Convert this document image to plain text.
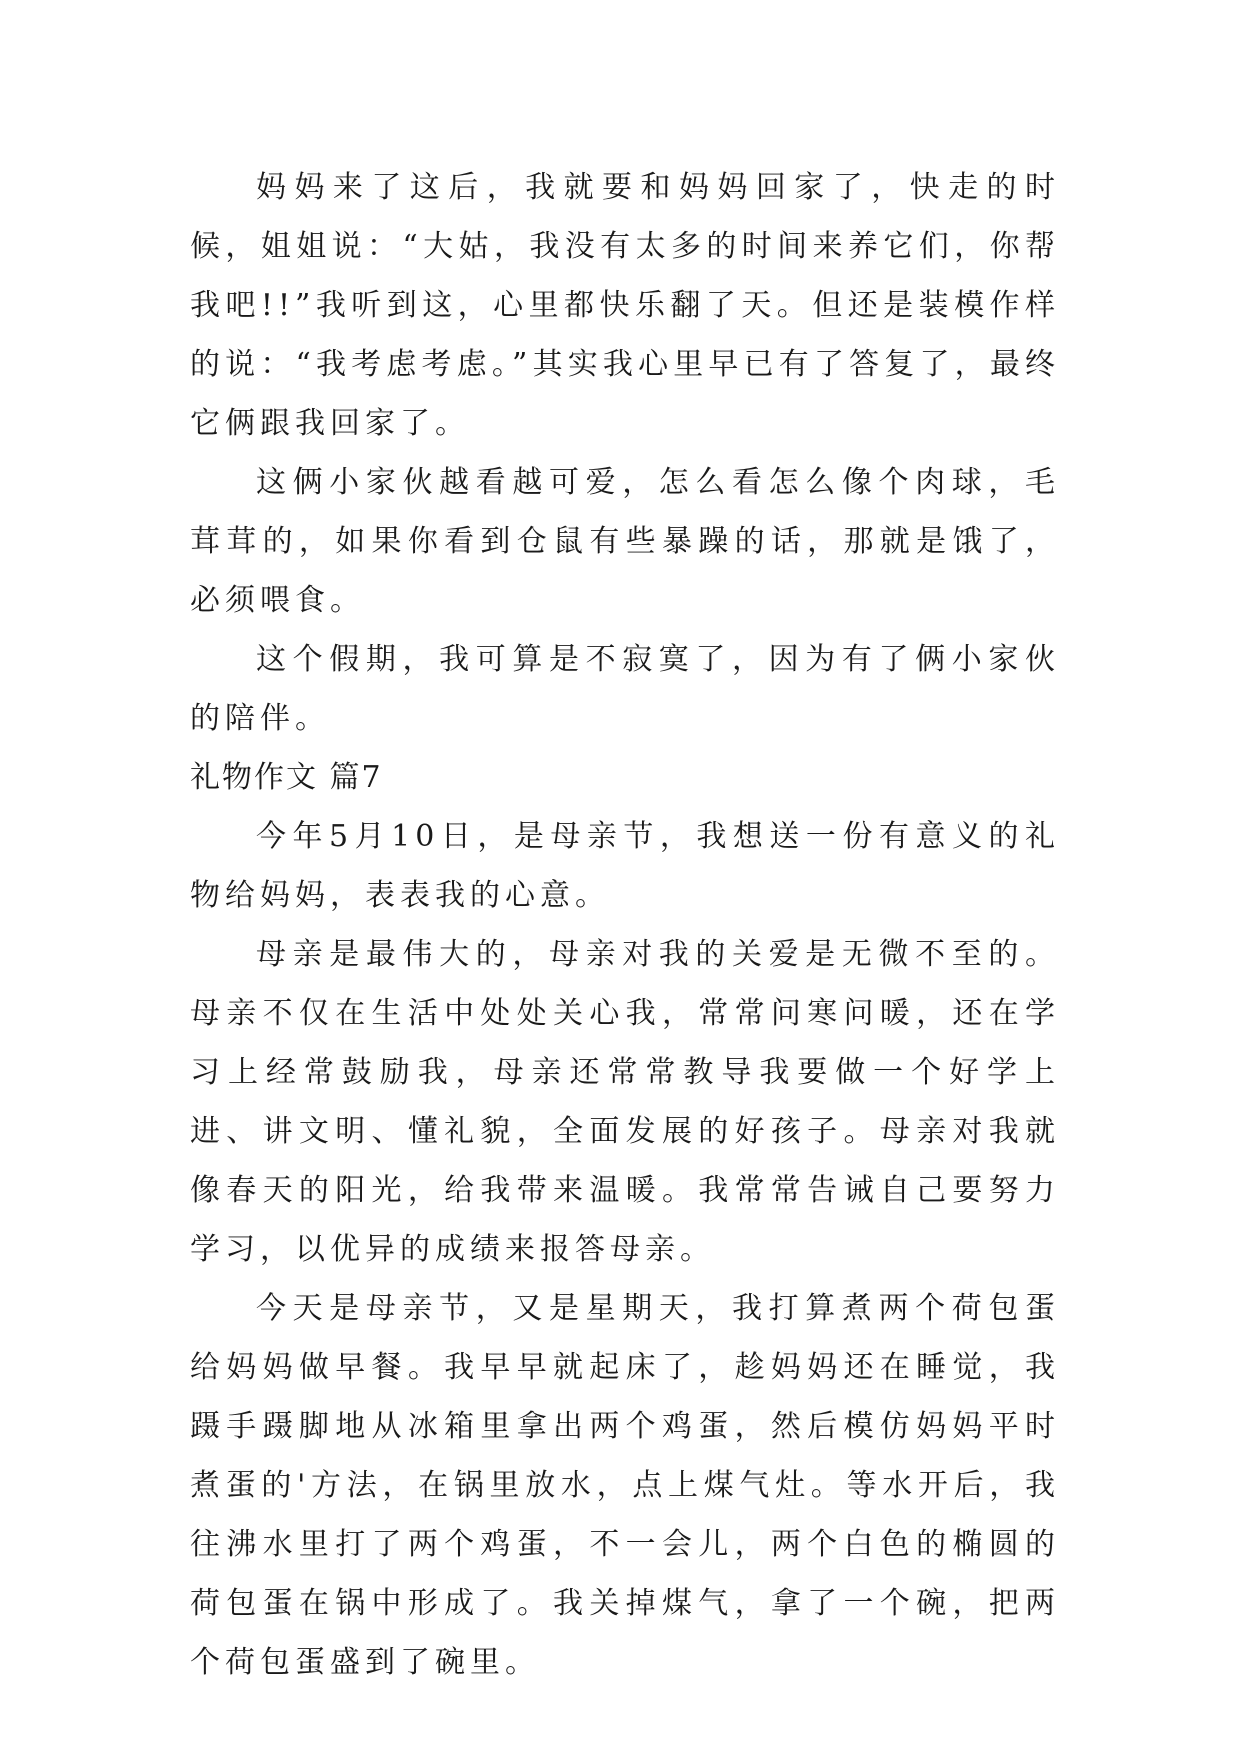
妈妈来了这后，我就要和妈妈回家了，快走的时候，姐姐说：“大姑，我没有太多的时间来养它们，你帮我吧!!”我听到这，心里都快乐翻了天。但还是装模作样的说：“我考虑考虑。”其实我心里早已有了答复了，最终它俩跟我回家了。

这俩小家伙越看越可爱，怎么看怎么像个肉球，毛茸茸的，如果你看到仓鼠有些暴躁的话，那就是饿了，必须喂食。

这个假期，我可算是不寂寞了，因为有了俩小家伙的陪伴。

礼物作文 篇7

今年5月10日，是母亲节，我想送一份有意义的礼物给妈妈，表表我的心意。

母亲是最伟大的，母亲对我的关爱是无微不至的。母亲不仅在生活中处处关心我，常常问寒问暖，还在学习上经常鼓励我，母亲还常常教导我要做一个好学上进、讲文明、懂礼貌，全面发展的好孩子。母亲对我就像春天的阳光，给我带来温暖。我常常告诫自己要努力学习，以优异的成绩来报答母亲。

今天是母亲节，又是星期天，我打算煮两个荷包蛋给妈妈做早餐。我早早就起床了，趁妈妈还在睡觉，我蹑手蹑脚地从冰箱里拿出两个鸡蛋，然后模仿妈妈平时煮蛋的'方法，在锅里放水，点上煤气灶。等水开后，我往沸水里打了两个鸡蛋，不一会儿，两个白色的椭圆的荷包蛋在锅中形成了。我关掉煤气，拿了一个碗，把两个荷包蛋盛到了碗里。
